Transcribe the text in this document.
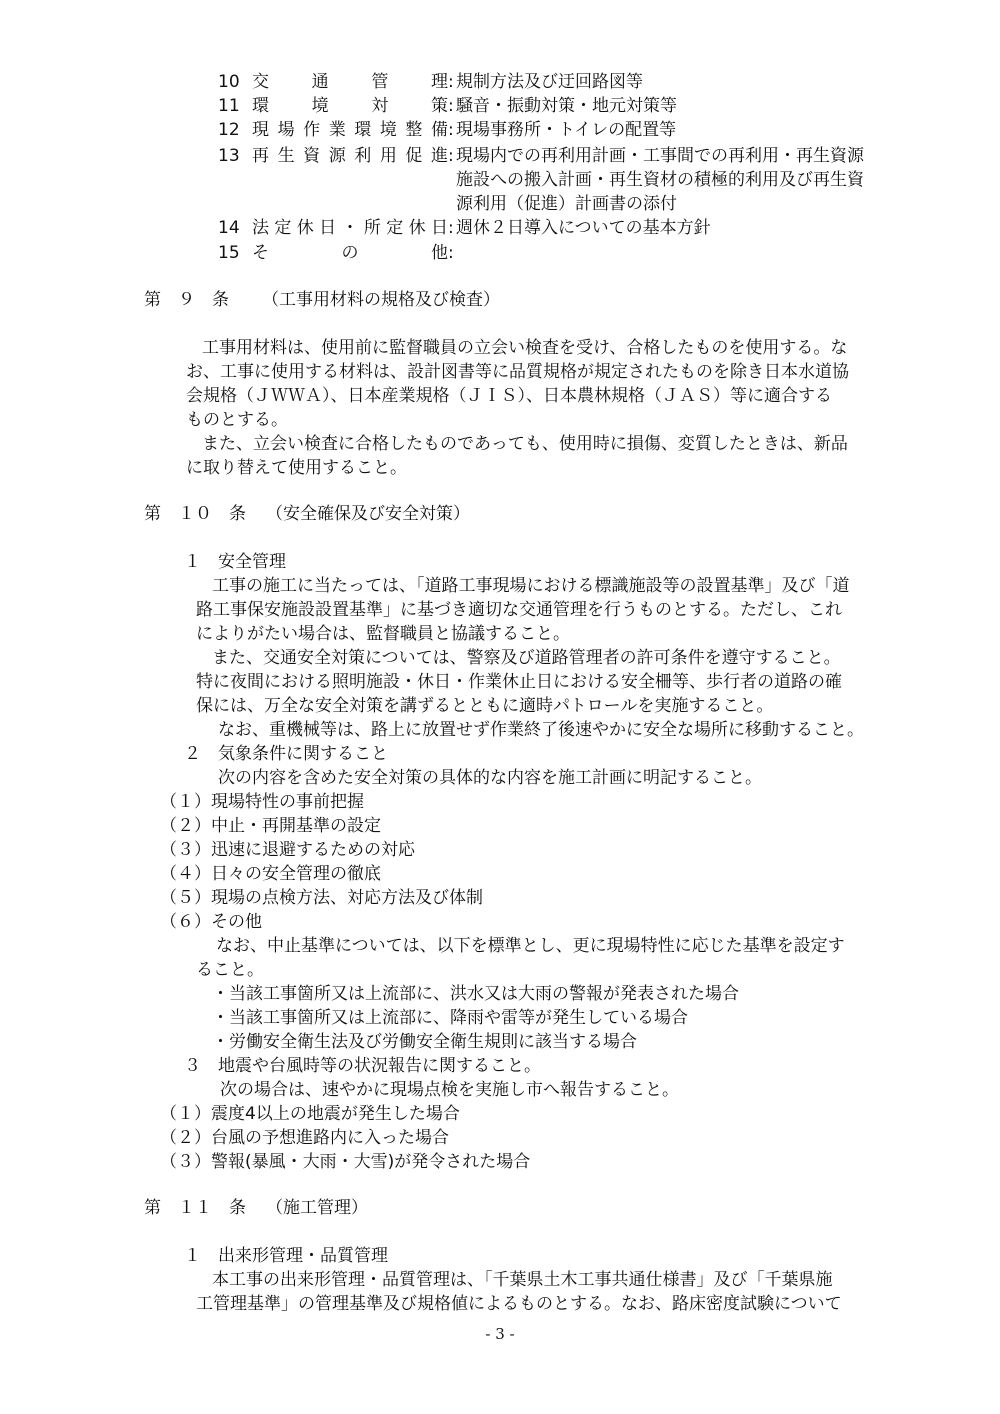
10 交通管理 : 規制方法及び迂回路図等
11 環境対策 : 騒音・振動対策・地元対策等
12 現場作業環境整備 : 現場事務所・トイレの配置等
13 再生資源利用促進 : 現場内での再利用計画・工事間での再利用・再生資源
施設への搬入計画・再生資材の積極的利用及び再生資
源利用（促進）計画書の添付
14 法定休日・所定休日 : 週休２日導入についての基本方針
15 その他 :
第　９　条	（工事用材料の規格及び検査）
工事用材料は、使用前に監督職員の立会い検査を受け、合格したものを使用する。な
お、工事に使用する材料は、設計図書等に品質規格が規定されたものを除き日本水道協
会規格（ＪＷＷＡ）、日本産業規格（ＪＩＳ）、日本農林規格（ＪＡＳ）等に適合する
ものとする。
また、立会い検査に合格したものであっても、使用時に損傷、変質したときは、新品
に取り替えて使用すること。
第　１０　条	（安全確保及び安全対策）
１ 安全管理
工事の施工に当たっては、「道路工事現場における標識施設等の設置基準」及び「道
路工事保安施設設置基準」に基づき適切な交通管理を行うものとする。ただし、これ
によりがたい場合は、監督職員と協議すること。
また、交通安全対策については、警察及び道路管理者の許可条件を遵守すること。
特に夜間における照明施設・休日・作業休止日における安全柵等、歩行者の道路の確
保には、万全な安全対策を講ずるとともに適時パトロールを実施すること。
なお、重機械等は、路上に放置せず作業終了後速やかに安全な場所に移動すること。
２ 気象条件に関すること
次の内容を含めた安全対策の具体的な内容を施工計画に明記すること。
（１）現場特性の事前把握
（２）中止・再開基準の設定
（３）迅速に退避するための対応
（４）日々の安全管理の徹底
（５）現場の点検方法、対応方法及び体制
（６）その他
なお、中止基準については、以下を標準とし、更に現場特性に応じた基準を設定す
ること。
・当該工事箇所又は上流部に、洪水又は大雨の警報が発表された場合
・当該工事箇所又は上流部に、降雨や雷等が発生している場合
・労働安全衛生法及び労働安全衛生規則に該当する場合
３ 地震や台風時等の状況報告に関すること。
次の場合は、速やかに現場点検を実施し市へ報告すること。
（１）震度4以上の地震が発生した場合
（２）台風の予想進路内に入った場合
（３）警報(暴風・大雨・大雪)が発令された場合
第　１１　条	（施工管理）
１ 出来形管理・品質管理
本工事の出来形管理・品質管理は、「千葉県土木工事共通仕様書」及び「千葉県施
工管理基準」の管理基準及び規格値によるものとする。なお、路床密度試験について
- 3 -
